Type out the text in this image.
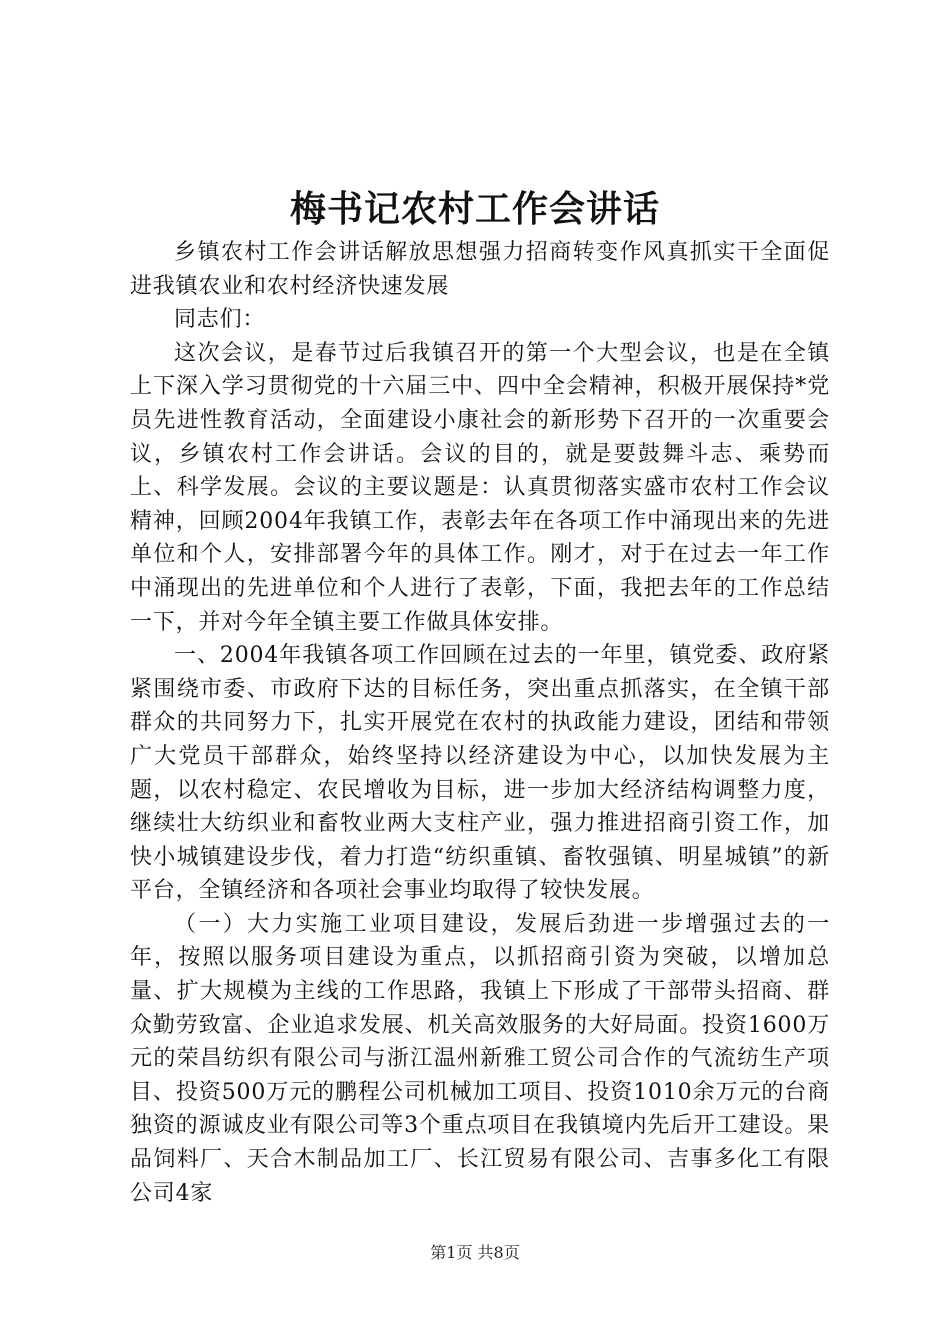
梅书记农村工作会讲话

乡镇农村工作会讲话解放思想强力招商转变作风真抓实干全面促进我镇农业和农村经济快速发展

同志们：

这次会议，是春节过后我镇召开的第一个大型会议，也是在全镇上下深入学习贯彻党的十六届三中、四中全会精神，积极开展保持*党员先进性教育活动，全面建设小康社会的新形势下召开的一次重要会议，乡镇农村工作会讲话。会议的目的，就是要鼓舞斗志、乘势而上、科学发展。会议的主要议题是：认真贯彻落实盛市农村工作会议精神，回顾2004年我镇工作，表彰去年在各项工作中涌现出来的先进单位和个人，安排部署今年的具体工作。刚才，对于在过去一年工作中涌现出的先进单位和个人进行了表彰，下面，我把去年的工作总结一下，并对今年全镇主要工作做具体安排。

一、2004年我镇各项工作回顾在过去的一年里，镇党委、政府紧紧围绕市委、市政府下达的目标任务，突出重点抓落实，在全镇干部群众的共同努力下，扎实开展党在农村的执政能力建设，团结和带领广大党员干部群众，始终坚持以经济建设为中心，以加快发展为主题，以农村稳定、农民增收为目标，进一步加大经济结构调整力度，继续壮大纺织业和畜牧业两大支柱产业，强力推进招商引资工作，加快小城镇建设步伐，着力打造“纺织重镇、畜牧强镇、明星城镇”的新平台，全镇经济和各项社会事业均取得了较快发展。

（一）大力实施工业项目建设，发展后劲进一步增强过去的一年，按照以服务项目建设为重点，以抓招商引资为突破，以增加总量、扩大规模为主线的工作思路，我镇上下形成了干部带头招商、群众勤劳致富、企业追求发展、机关高效服务的大好局面。投资1600万元的荣昌纺织有限公司与浙江温州新雅工贸公司合作的气流纺生产项目、投资500万元的鹏程公司机械加工项目、投资1010余万元的台商独资的源诚皮业有限公司等3个重点项目在我镇境内先后开工建设。果品饲料厂、天合木制品加工厂、长江贸易有限公司、吉事多化工有限公司4家

第1页 共8页
